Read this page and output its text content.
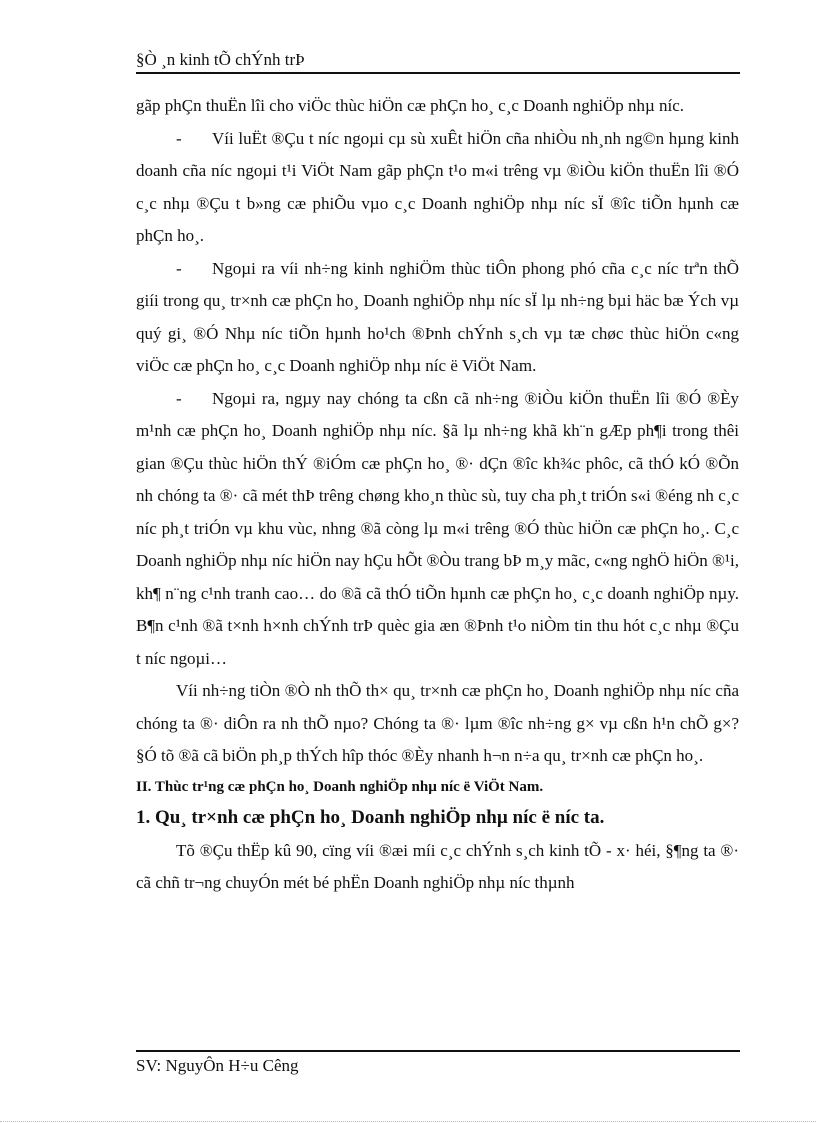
§Ò ¸n kinh tÕ chÝnh trÞ

gãp phÇn thuËn lîi cho viÖc thùc hiÖn cæ phÇn ho¸ c¸c Doanh nghiÖp nhµ níc.

- Víi luËt ®Çu t níc ngoµi cµ sù xuÊt hiÖn cña nhiÒu nh¸nh ng©n hµng kinh doanh cña níc ngoµi t¹i ViÖt Nam gãp phÇn t¹o m«i trêng vµ ®iÒu kiÖn thuËn lîi ®Ó c¸c nhµ ®Çu t b»ng cæ phiÕu vµo c¸c Doanh nghiÖp nhµ níc sÏ ®îc tiÕn hµnh cæ phÇn ho¸.

- Ngoµi ra víi nh÷ng kinh nghiÖm thùc tiÔn phong phó cña c¸c níc trªn thÕ giíi trong qu¸ tr×nh cæ phÇn ho¸ Doanh nghiÖp nhµ níc sÏ lµ nh÷ng bµi häc bæ Ých vµ quý gi¸ ®Ó Nhµ níc tiÕn hµnh ho¹ch ®Þnh chÝnh s¸ch vµ tæ chøc thùc hiÖn c«ng viÖc cæ phÇn ho¸ c¸c Doanh nghiÖp nhµ níc ë ViÖt Nam.

- Ngoµi ra, ngµy nay chóng ta cßn cã nh÷ng ®iÒu kiÖn thuËn lîi ®Ó ®Èy m¹nh cæ phÇn ho¸ Doanh nghiÖp nhµ níc. §ã lµ nh÷ng khã kh¨n gÆp ph¶i trong thêi gian ®Çu thùc hiÖn thÝ ®iÓm cæ phÇn ho¸ ®· dÇn ®îc kh¾c phôc, cã thÓ kÓ ®Õn nh chóng ta ®· cã mét thÞ trêng chøng kho¸n thùc sù, tuy cha ph¸t triÓn s«i ®éng nh c¸c níc ph¸t triÓn vµ khu vùc, nhng ®ã còng lµ m«i trêng ®Ó thùc hiÖn cæ phÇn ho¸. C¸c Doanh nghiÖp nhµ níc hiÖn nay hÇu hÕt ®Òu trang bÞ m¸y mãc, c«ng nghÖ hiÖn ®¹i, kh¶ n¨ng c¹nh tranh cao… do ®ã cã thÓ tiÕn hµnh cæ phÇn ho¸ c¸c doanh nghiÖp nµy. B¶n c¹nh ®ã t×nh h×nh chÝnh trÞ quèc gia æn ®Þnh t¹o niÒm tin thu hót c¸c nhµ ®Çu t níc ngoµi…

Víi nh÷ng tiÒn ®Ò nh thÕ th× qu¸ tr×nh cæ phÇn ho¸ Doanh nghiÖp nhµ níc cña chóng ta ®· diÔn ra nh thÕ nµo? Chóng ta ®· lµm ®îc nh÷ng g× vµ cßn h¹n chÕ g×? §Ó tõ ®ã cã biÖn ph¸p thÝch hîp thóc ®Èy nhanh h¬n n÷a qu¸ tr×nh cæ phÇn ho¸.

II. Thùc tr¹ng cæ phÇn ho¸ Doanh nghiÖp nhµ níc ë ViÖt Nam.

1. Qu¸ tr×nh cæ phÇn ho¸ Doanh nghiÖp nhµ níc ë níc ta.

Tõ ®Çu thËp kû 90, cïng víi ®æi míi c¸c chÝnh s¸ch kinh tÕ - x· héi, §¶ng ta ®· cã chñ tr¬ng chuyÓn mét bé phËn Doanh nghiÖp nhµ níc thµnh

SV: NguyÔn H÷u Cêng
